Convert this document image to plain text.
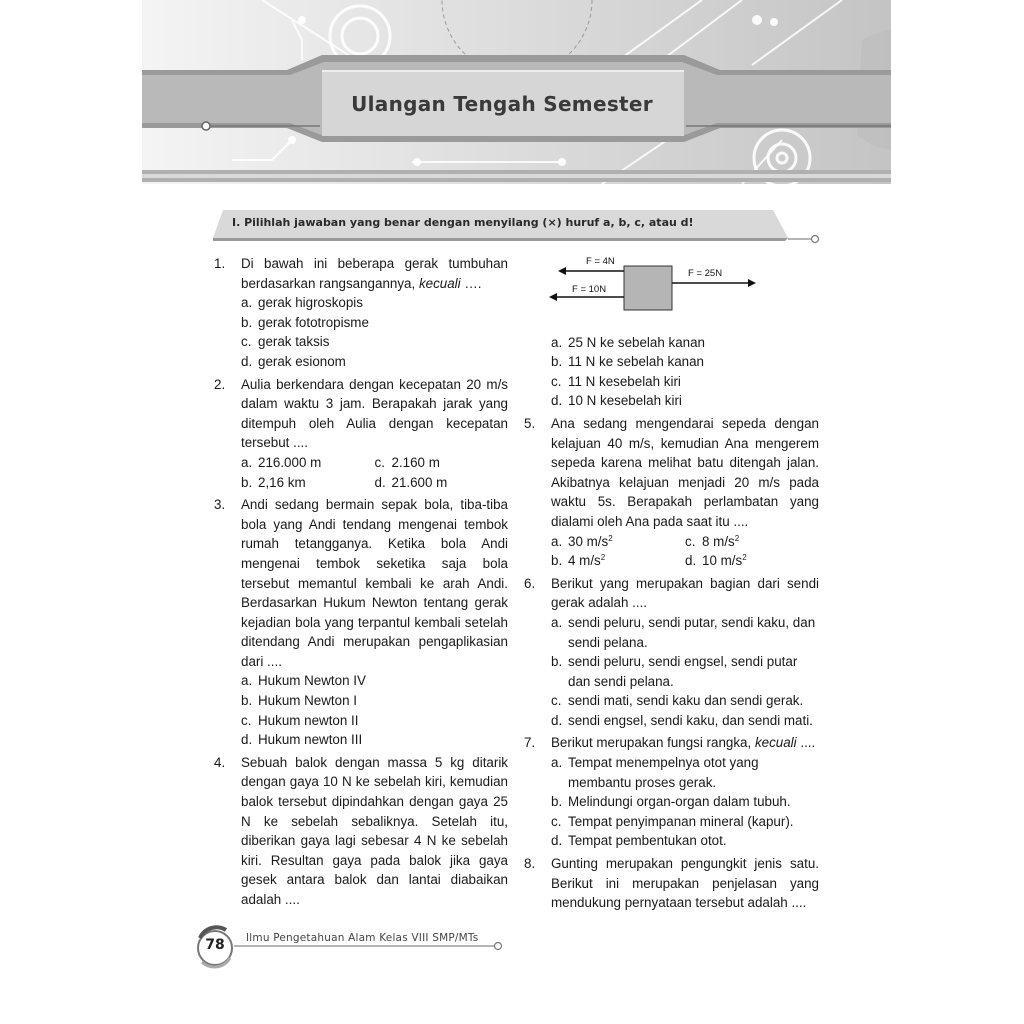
Ulangan Tengah Semester
I. Pilihlah jawaban yang benar dengan menyilang (×) huruf a, b, c, atau d!
1. Di bawah ini beberapa gerak tumbuhan berdasarkan rangsangannya, kecuali ….
a. gerak higroskopis
b. gerak fototropisme
c. gerak taksis
d. gerak esionom
2. Aulia berkendara dengan kecepatan 20 m/s dalam waktu 3 jam. Berapakah jarak yang ditempuh oleh Aulia dengan kecepatan tersebut ....
a. 216.000 m	c. 2.160 m
b. 2,16 km	d. 21.600 m
3. Andi sedang bermain sepak bola, tiba-tiba bola yang Andi tendang mengenai tembok rumah tetangganya. Ketika bola Andi mengenai tembok seketika saja bola tersebut memantul kembali ke arah Andi. Berdasarkan Hukum Newton tentang gerak kejadian bola yang terpantul kembali setelah ditendang Andi merupakan pengaplikasian dari ....
a. Hukum Newton IV
b. Hukum Newton I
c. Hukum newton II
d. Hukum newton III
4. Sebuah balok dengan massa 5 kg ditarik dengan gaya 10 N ke sebelah kiri, kemudian balok tersebut dipindahkan dengan gaya 25 N ke sebelah sebaliknya. Setelah itu, diberikan gaya lagi sebesar 4 N ke sebelah kiri. Resultan gaya pada balok jika gaya gesek antara balok dan lantai diabaikan adalah ....
F = 4N
F = 10N
F = 25N
a. 25 N ke sebelah kanan
b. 11 N ke sebelah kanan
c. 11 N kesebelah kiri
d. 10 N kesebelah kiri
5. Ana sedang mengendarai sepeda dengan kelajuan 40 m/s, kemudian Ana mengerem sepeda karena melihat batu ditengah jalan. Akibatnya kelajuan menjadi 20 m/s pada waktu 5s. Berapakah perlambatan yang dialami oleh Ana pada saat itu ....
a. 30 $m/s^2$	c. 8 $m/s^2$
b. 4 $m/s^2$	d. 10 $m/s^2$
6. Berikut yang merupakan bagian dari sendi gerak adalah ....
a. sendi peluru, sendi putar, sendi kaku, dan sendi pelana.
b. sendi peluru, sendi engsel, sendi putar dan sendi pelana.
c. sendi mati, sendi kaku dan sendi gerak.
d. sendi engsel, sendi kaku, dan sendi mati.
7. Berikut merupakan fungsi rangka, kecuali ....
a. Tempat menempelnya otot yang membantu proses gerak.
b. Melindungi organ-organ dalam tubuh.
c. Tempat penyimpanan mineral (kapur).
d. Tempat pembentukan otot.
8. Gunting merupakan pengungkit jenis satu. Berikut ini merupakan penjelasan yang mendukung pernyataan tersebut adalah ....
78	Ilmu Pengetahuan Alam Kelas VIII SMP/MTs
